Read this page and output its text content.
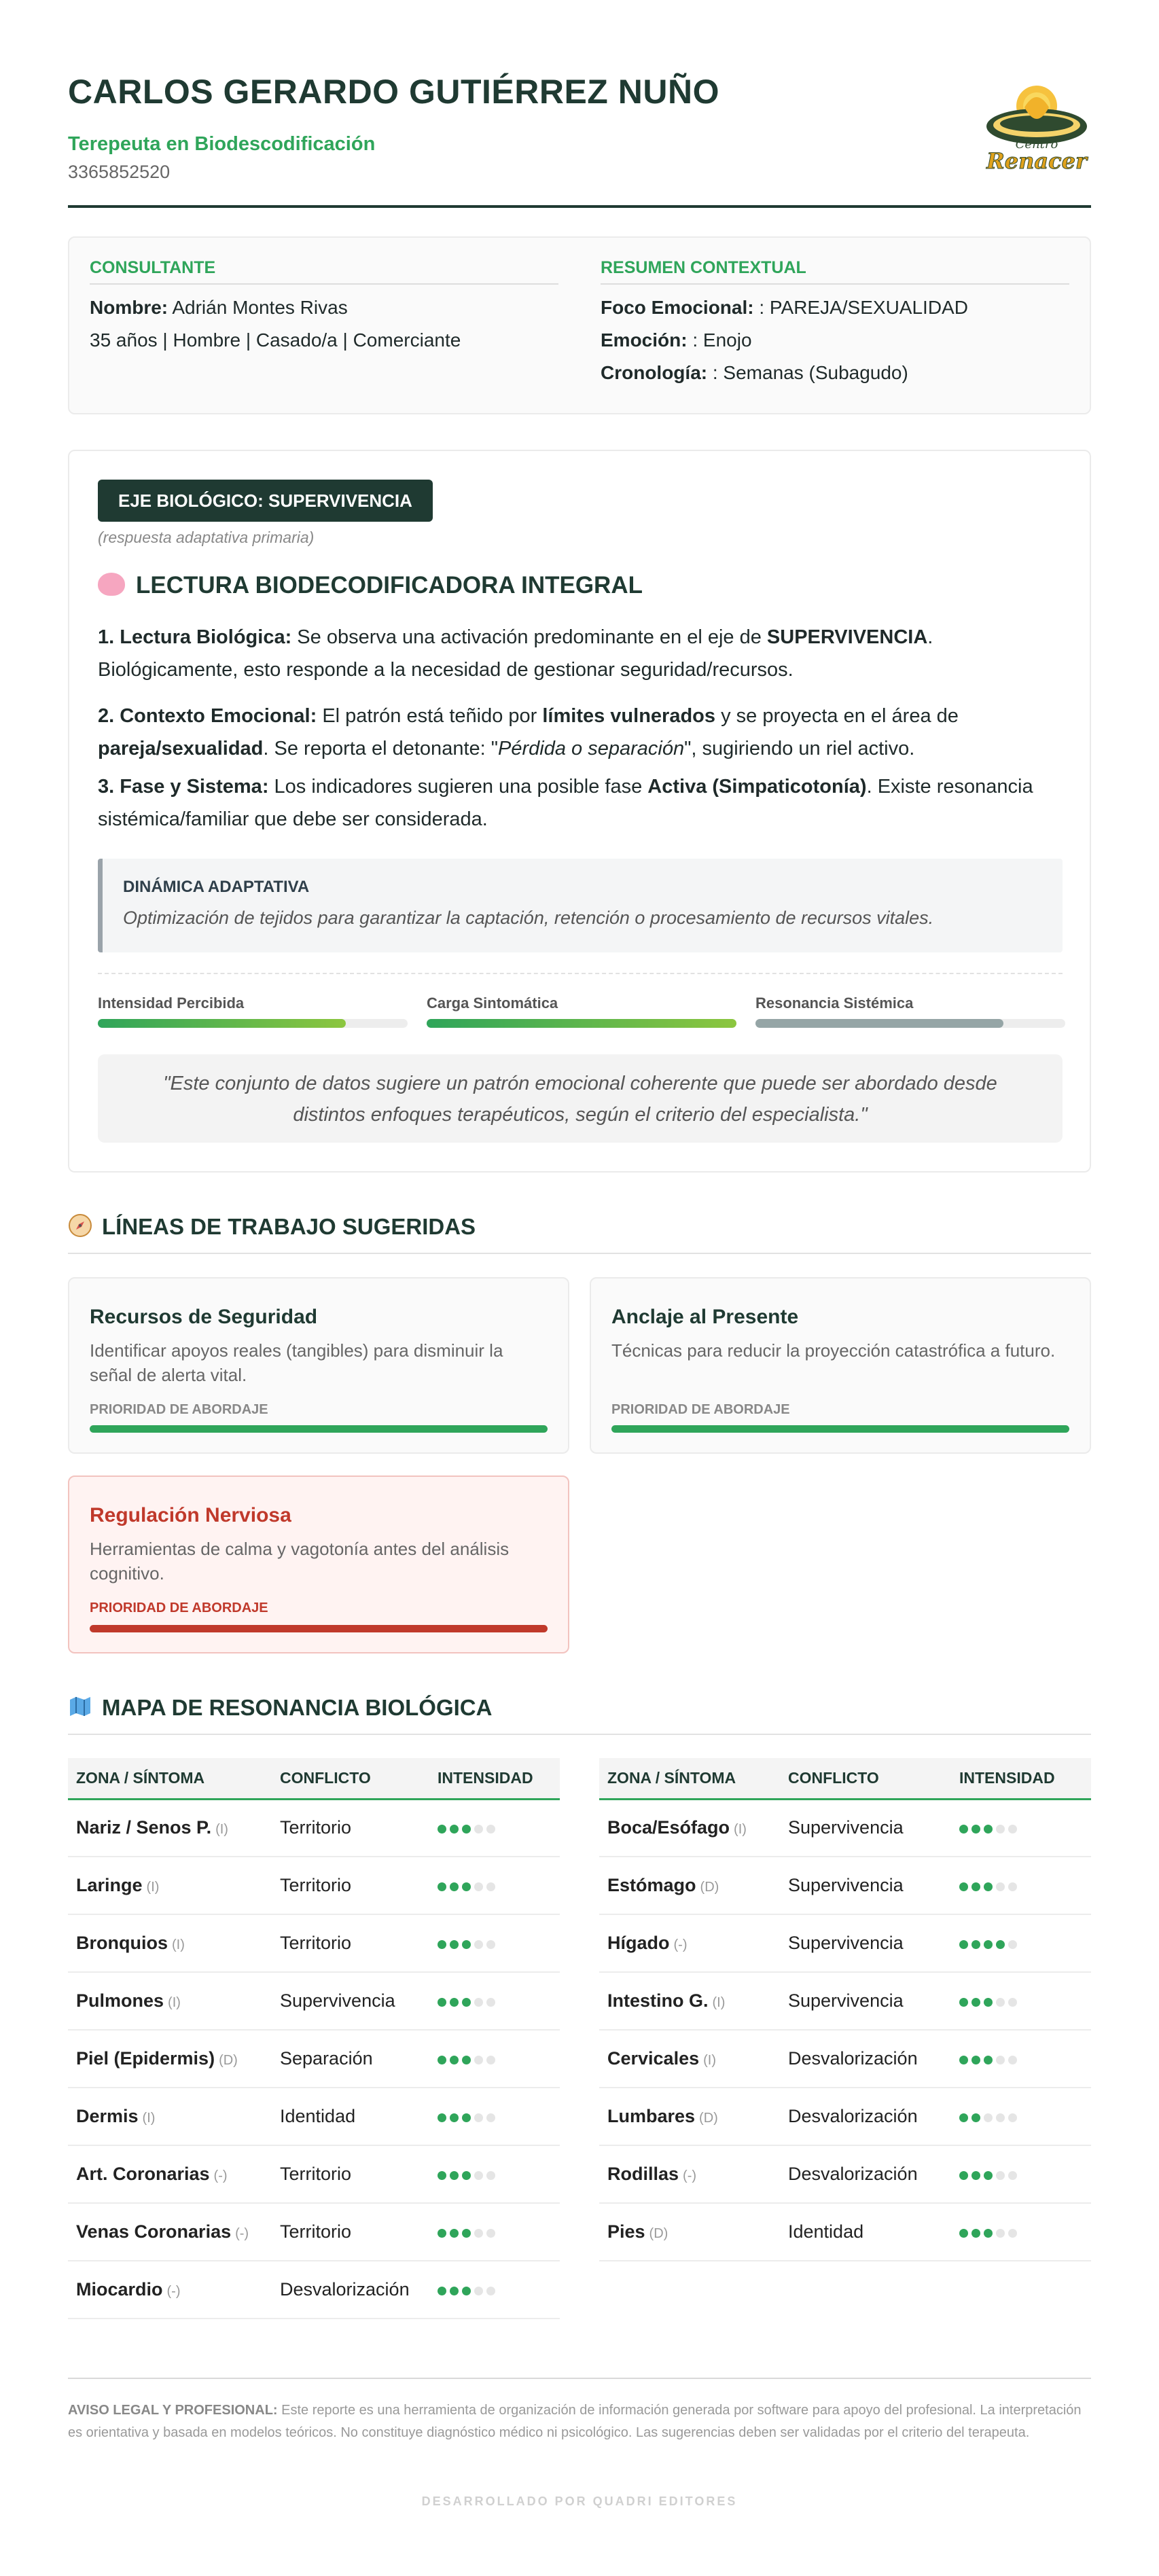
CARLOS GERARDO GUTIÉRREZ NUÑO
Terepeuta en Biodescodificación
3365852520
Centro
Renacer
CONSULTANTE

Nombre: Adrián Montes Rivas

35 años | Hombre | Casado/a | Comerciante

RESUMEN CONTEXTUAL

Foco Emocional: : PAREJA/SEXUALIDAD

Emoción: : Enojo

Cronología: : Semanas (Subagudo)

EJE BIOLÓGICO: SUPERVIVENCIA
(respuesta adaptativa primaria)
LECTURA BIODECODIFICADORA INTEGRAL
1. Lectura Biológica: Se observa una activación predominante en el eje de SUPERVIVENCIA. Biológicamente, esto responde a la necesidad de gestionar seguridad/recursos.
2. Contexto Emocional: El patrón está teñido por límites vulnerados y se proyecta en el área de pareja/sexualidad. Se reporta el detonante: "Pérdida o separación", sugiriendo un riel activo.
3. Fase y Sistema: Los indicadores sugieren una posible fase Activa (Simpaticotonía). Existe resonancia sistémica/familiar que debe ser considerada.
DINÁMICA ADAPTATIVA
Optimización de tejidos para garantizar la captación, retención o procesamiento de recursos vitales.
Intensidad Percibida	Carga Sintomática	Resonancia Sistémica
"Este conjunto de datos sugiere un patrón emocional coherente que puede ser abordado desde distintos enfoques terapéuticos, según el criterio del especialista."
LÍNEAS DE TRABAJO SUGERIDAS
Recursos de Seguridad
Identificar apoyos reales (tangibles) para disminuir la señal de alerta vital.
PRIORIDAD DE ABORDAJE
Anclaje al Presente
Técnicas para reducir la proyección catastrófica a futuro.
PRIORIDAD DE ABORDAJE
Regulación Nerviosa
Herramientas de calma y vagotonía antes del análisis cognitivo.
PRIORIDAD DE ABORDAJE
MAPA DE RESONANCIA BIOLÓGICA
ZONA / SÍNTOMA	CONFLICTO	INTENSIDAD
Nariz / Senos P. (I)	Territorio	
Laringe (I)	Territorio	
Bronquios (I)	Territorio	
Pulmones (I)	Supervivencia	
Piel (Epidermis) (D)	Separación	
Dermis (I)	Identidad	
Art. Coronarias (-)	Territorio	
Venas Coronarias (-)	Territorio	
Miocardio (-)	Desvalorización	
ZONA / SÍNTOMA	CONFLICTO	INTENSIDAD
Boca/Esófago (I)	Supervivencia	
Estómago (D)	Supervivencia	
Hígado (-)	Supervivencia	
Intestino G. (I)	Supervivencia	
Cervicales (I)	Desvalorización	
Lumbares (D)	Desvalorización	
Rodillas (-)	Desvalorización	
Pies (D)	Identidad	
AVISO LEGAL Y PROFESIONAL: Este reporte es una herramienta de organización de información generada por software para apoyo del profesional. La interpretación es orientativa y basada en modelos teóricos. No constituye diagnóstico médico ni psicológico. Las sugerencias deben ser validadas por el criterio del terapeuta.
DESARROLLADO POR QUADRI EDITORES
